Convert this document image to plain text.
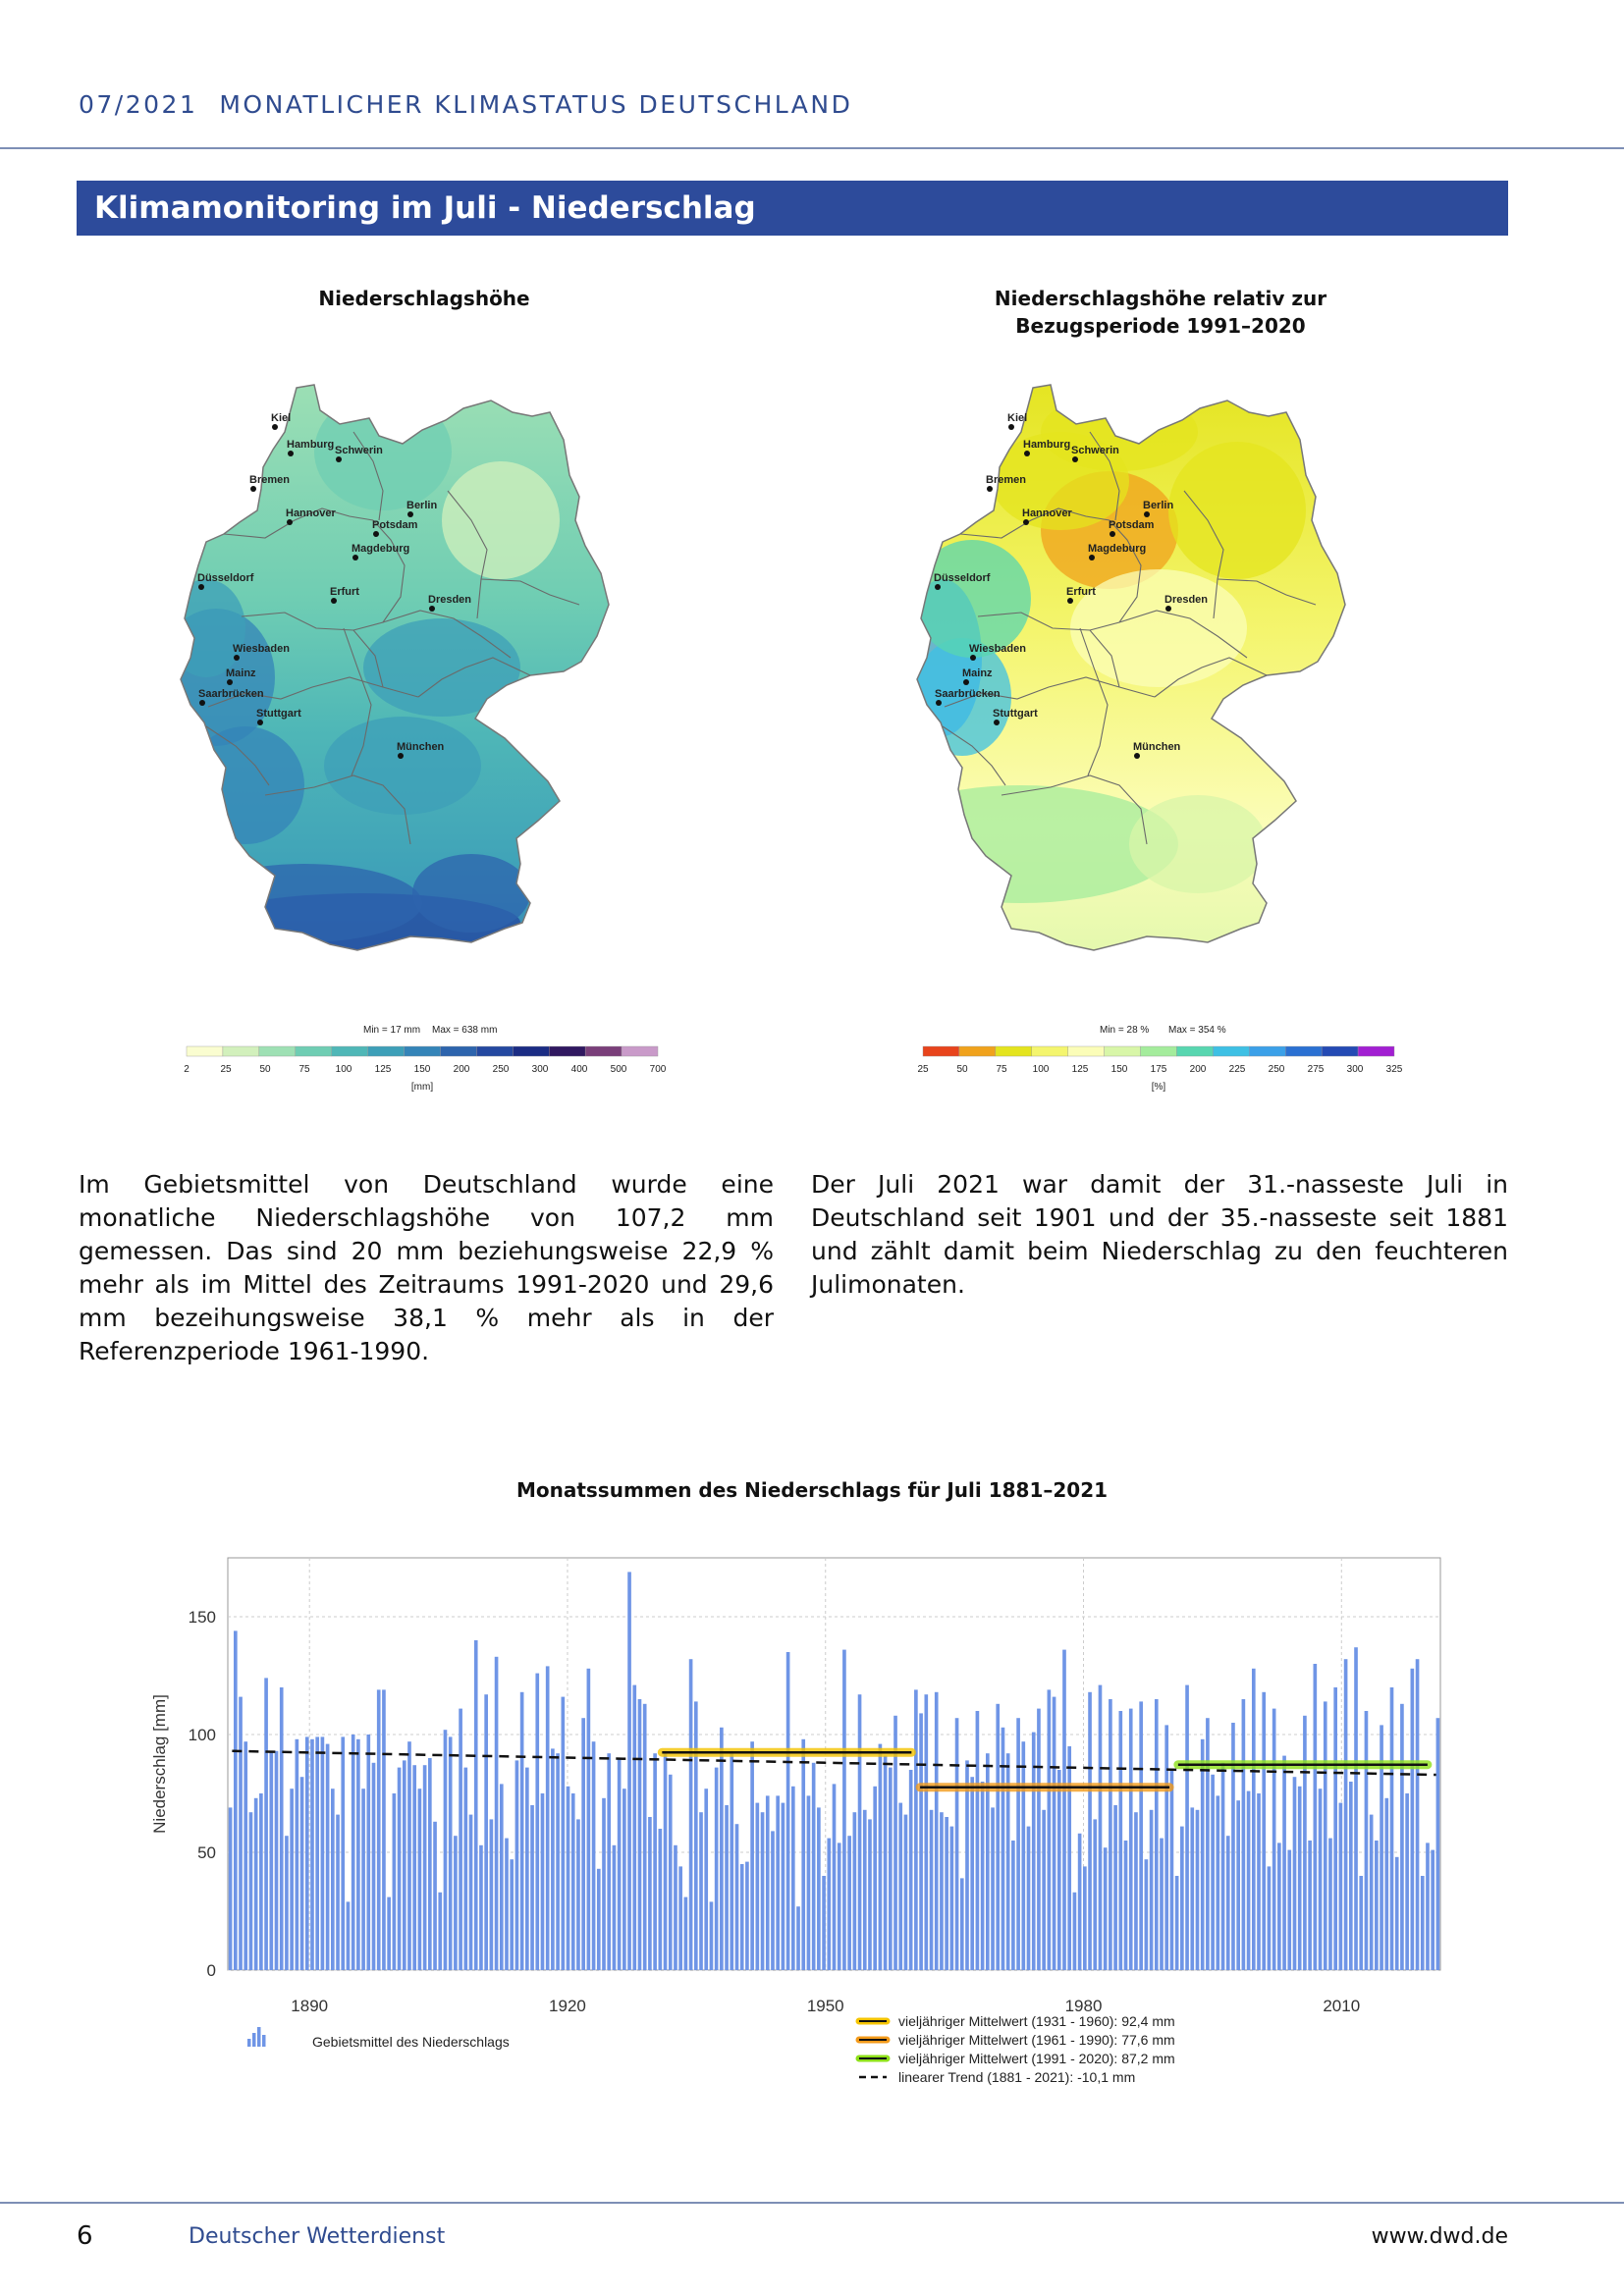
07/2021 MONATLICHER KLIMASTATUS DEUTSCHLAND
Klimamonitoring im Juli - Niederschlag
Niederschlagshöhe
Kiel
Hamburg Schwerin
Bremen
Berlin
Hannover
Potsdam
Magdeburg
Düsseldorf
Erfurt
Dresden
Wiesbaden
Mainz
Saarbrücken
Stuttgart
München
Min = 17 mm Max = 638 mm
2	25	50	75	100 125 150 200 250 300 400 500 700
[mm]
Niederschlagshöhe relativ zur
Bezugsperiode 1991–2020
Kiel
Hamburg Schwerin
Bremen
Berlin
Hannover
Potsdam
Magdeburg
Düsseldorf
Erfurt
Dresden
Wiesbaden
Mainz
Saarbrücken
Stuttgart
München
Min = 28 % Max = 354 %
25	50	75	100 125 150 175 200 225 250 275 300 325
[%]
Im Gebietsmittel von Deutschland wurde eine monatliche Niederschlagshöhe von 107,2 mm gemessen. Das sind 20 mm beziehungsweise 22,9 % mehr als im Mittel des Zeitraums 1991-2020 und 29,6 mm bezeihungsweise 38,1 % mehr als in der Referenzperiode 1961-1990.
Der Juli 2021 war damit der 31.-nasseste Juli in Deutschland seit 1901 und der 35.-nasseste seit 1881 und zählt damit beim Niederschlag zu den feuchteren Julimonaten.
Monatssummen des Niederschlags für Juli 1881–2021
0
50
100
150
1890	1920	1950	1980	2010
Niederschlag [mm]
Gebietsmittel des Niederschlags
vieljähriger Mittelwert (1931 - 1960): 92,4 mm
vieljähriger Mittelwert (1961 - 1990): 77,6 mm
vieljähriger Mittelwert (1991 - 2020): 87,2 mm
linearer Trend (1881 - 2021): -10,1 mm
6	Deutscher Wetterdienst	www.dwd.de
